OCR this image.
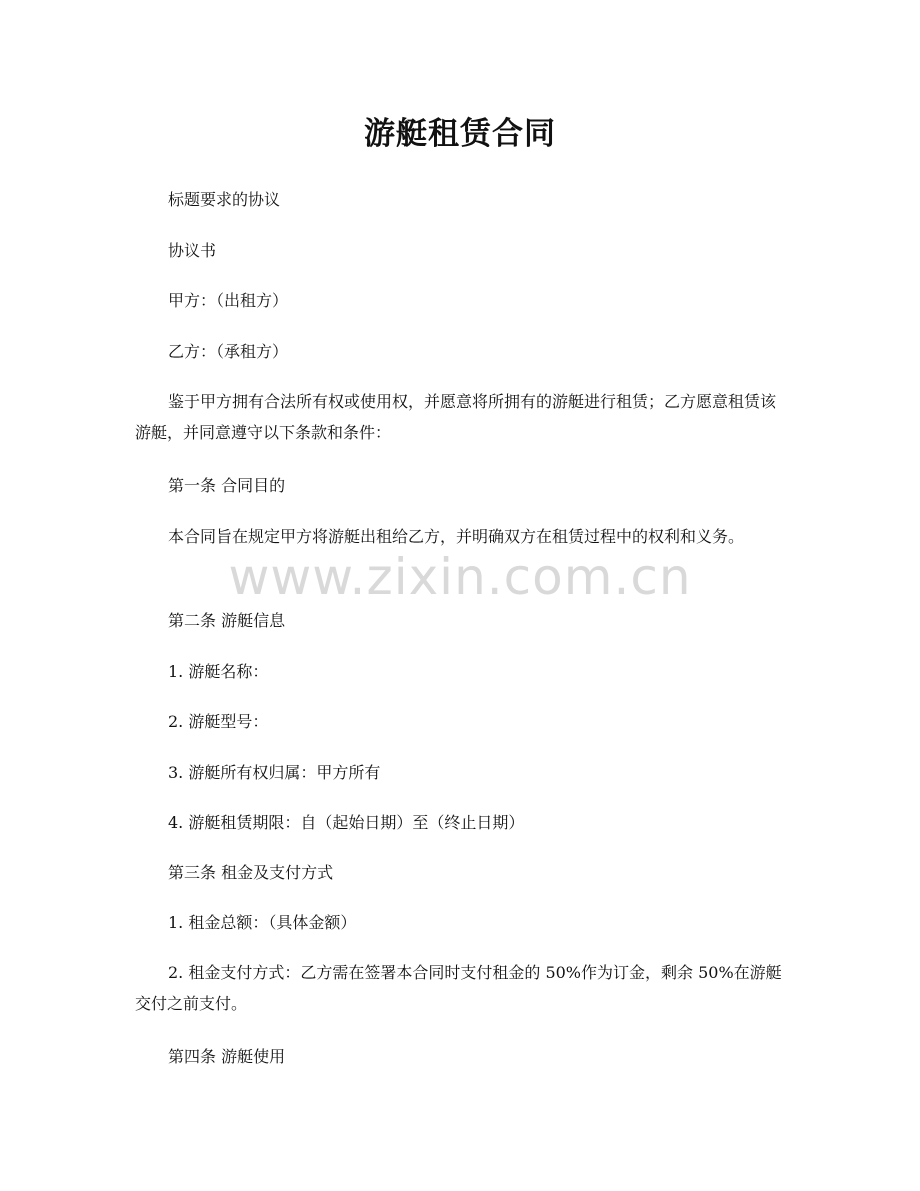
游艇租赁合同

标题要求的协议

协议书

甲方：（出租方）

乙方：（承租方）

鉴于甲方拥有合法所有权或使用权，并愿意将所拥有的游艇进行租赁；乙方愿意租赁该游艇，并同意遵守以下条款和条件：

第一条 合同目的

本合同旨在规定甲方将游艇出租给乙方，并明确双方在租赁过程中的权利和义务。

第二条 游艇信息

1. 游艇名称：

2. 游艇型号：

3. 游艇所有权归属：甲方所有

4. 游艇租赁期限：自（起始日期）至（终止日期）

第三条 租金及支付方式

1. 租金总额：（具体金额）

2. 租金支付方式：乙方需在签署本合同时支付租金的 50%作为订金，剩余 50%在游艇交付之前支付。

第四条 游艇使用

www.zixin.com.cn
